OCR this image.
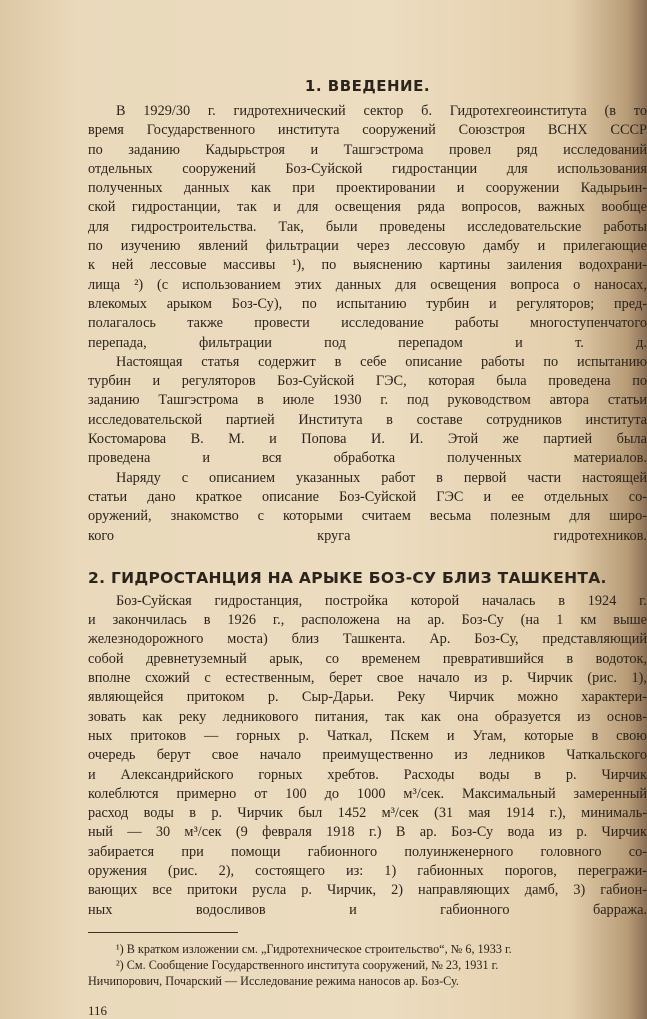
1. ВВЕДЕНИЕ.
В 1929/30 г. гидротехнический сектор б. Гидротехгеоинститута (в то
время Государственного института сооружений Союзстроя ВСНХ СССР
по заданию Кадырьстроя и Ташгэстрома провел ряд исследований
отдельных сооружений Боз-Суйской гидростанции для использования
полученных данных как при проектировании и сооружении Кадырьин-
ской гидростанции, так и для освещения ряда вопросов, важных вообще
для гидростроительства. Так, были проведены исследовательские работы
по изучению явлений фильтрации через лессовую дамбу и прилегающие
к ней лессовые массивы ¹), по выяснению картины заиления водохрани-
лища ²) (с использованием этих данных для освещения вопроса о наносах,
влекомых арыком Боз-Су), по испытанию турбин и регуляторов; пред-
полагалось также провести исследование работы многоступенчатого
перепада, фильтрации под перепадом и т. д.
Настоящая статья содержит в себе описание работы по испытанию
турбин и регуляторов Боз-Суйской ГЭС, которая была проведена по
заданию Ташгэстрома в июле 1930 г. под руководством автора статьи
исследовательской партией Института в составе сотрудников института
Костомарова В. М. и Попова И. И. Этой же партией была
проведена и вся обработка полученных материалов.
Наряду с описанием указанных работ в первой части настоящей
статьи дано краткое описание Боз-Суйской ГЭС и ее отдельных со-
оружений, знакомство с которыми считаем весьма полезным для широ-
кого круга гидротехников.
2. ГИДРОСТАНЦИЯ НА АРЫКЕ БОЗ-СУ БЛИЗ ТАШКЕНТА.
Боз-Суйская гидростанция, постройка которой началась в 1924 г.
и закончилась в 1926 г., расположена на ар. Боз-Су (на 1 км выше
железнодорожного моста) близ Ташкента. Ар. Боз-Су, представляющий
собой древнетуземный арык, со временем превратившийся в водоток,
вполне схожий с естественным, берет свое начало из р. Чирчик (рис. 1),
являющейся притоком р. Сыр-Дарьи. Реку Чирчик можно характери-
зовать как реку ледникового питания, так как она образуется из основ-
ных притоков — горных р. Чаткал, Пскем и Угам, которые в свою
очередь берут свое начало преимущественно из ледников Чаткальского
и Александрийского горных хребтов. Расходы воды в р. Чирчик
колеблются примерно от 100 до 1000 м³/сек. Максимальный замеренный
расход воды в р. Чирчик был 1452 м³/сек (31 мая 1914 г.), минималь-
ный — 30 м³/сек (9 февраля 1918 г.) В ар. Боз-Су вода из р. Чирчик
забирается при помощи габионного полуинженерного головного со-
оружения (рис. 2), состоящего из: 1) габионных порогов, перегражи-
вающих все притоки русла р. Чирчик, 2) направляющих дамб, 3) габион-
ных водосливов и габионного барража.
¹) В кратком изложении см. „Гидротехническое строительство“, № 6, 1933 г.
²) См. Сообщение Государственного института сооружений, № 23, 1931 г.
Ничипорович, Почарский — Исследование режима наносов ар. Боз-Су.
116
